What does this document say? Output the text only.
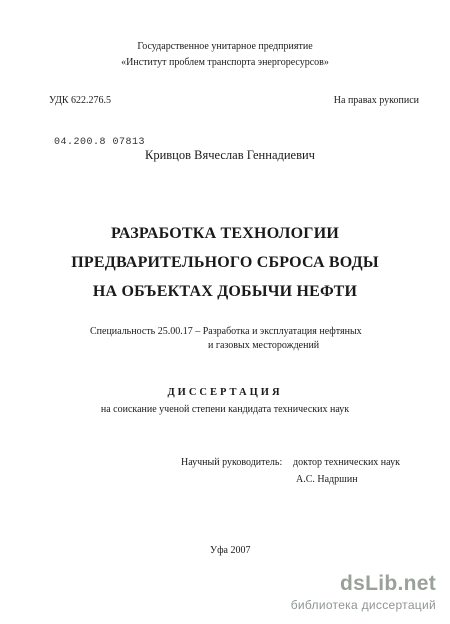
Государственное унитарное предприятие
«Институт проблем транспорта энергоресурсов»
УДК 622.276.5	На правах рукописи
04.200.8 07813
Кривцов Вячеслав Геннадиевич
РАЗРАБОТКА ТЕХНОЛОГИИ
ПРЕДВАРИТЕЛЬНОГО СБРОСА ВОДЫ
НА ОБЪЕКТАХ ДОБЫЧИ НЕФТИ
Специальность 25.00.17 – Разработка и эксплуатация нефтяных
и газовых месторождений
ДИССЕРТАЦИЯ
на соискание ученой степени кандидата технических наук
Научный руководитель: доктор технических наук
А.С. Надршин
Уфа 2007
dsLib.net
библиотека диссертаций
